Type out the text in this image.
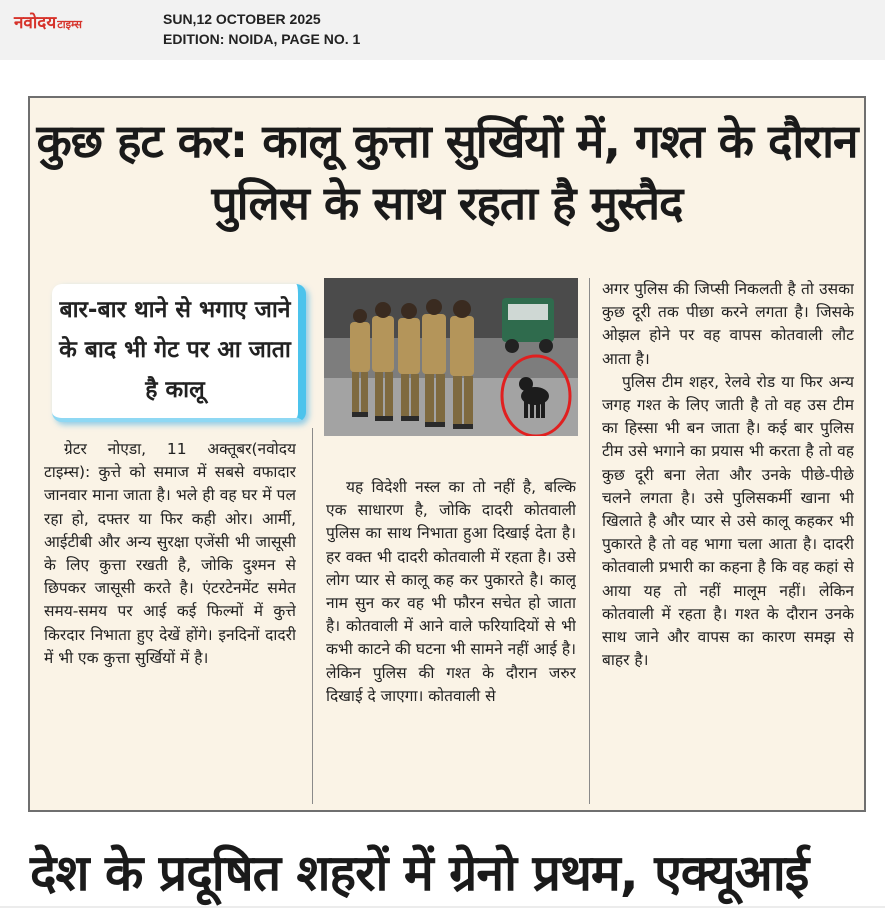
नवोदयटाइम्स	SUN,12 OCTOBER 2025
EDITION: NOIDA, PAGE NO. 1
कुछ हट कर: कालू कुत्ता सुर्खियों में, गश्त के दौरान पुलिस के साथ रहता है मुस्तैद
बार-बार थाने से भगाए जाने के बाद भी गेट पर आ जाता है कालू

ग्रेटर नोएडा, 11 अक्तूबर(नवोदय टाइम्स): कुत्ते को समाज में सबसे वफादार जानवार माना जाता है। भले ही वह घर में पल रहा हो, दफ्तर या फिर कही ओर। आर्मी, आईटीबी और अन्य सुरक्षा एजेंसी भी जासूसी के लिए कुत्ता रखती है, जोकि दुश्मन से छिपकर जासूसी करते है। एंटरटेनमेंट समेत समय-समय पर आई कई फिल्मों में कुत्ते किरदार निभाता हुए देखें होंगे। इनदिनों दादरी में भी एक कुत्ता सुर्खियों में है।

यह विदेशी नस्ल का तो नहीं है, बल्कि एक साधारण है, जोकि दादरी कोतवाली पुलिस का साथ निभाता हुआ दिखाई देता है। हर वक्त भी दादरी कोतवाली में रहता है। उसे लोग प्यार से कालू कह कर पुकारते है। कालू नाम सुन कर वह भी फौरन सचेत हो जाता है। कोतवाली में आने वाले फरियादियों से भी कभी काटने की घटना भी सामने नहीं आई है। लेकिन पुलिस की गश्त के दौरान जरुर दिखाई दे जाएगा। कोतवाली से

अगर पुलिस की जिप्सी निकलती है तो उसका कुछ दूरी तक पीछा करने लगता है। जिसके ओझल होने पर वह वापस कोतवाली लौट आता है।

पुलिस टीम शहर, रेलवे रोड या फिर अन्य जगह गश्त के लिए जाती है तो वह उस टीम का हिस्सा भी बन जाता है। कई बार पुलिस टीम उसे भगाने का प्रयास भी करता है तो वह कुछ दूरी बना लेता और उनके पीछे-पीछे चलने लगता है। उसे पुलिसकर्मी खाना भी खिलाते है और प्यार से उसे कालू कहकर भी पुकारते है तो वह भागा चला आता है। दादरी कोतवाली प्रभारी का कहना है कि वह कहां से आया यह तो नहीं मालूम नहीं। लेकिन कोतवाली में रहता है। गश्त के दौरान उनके साथ जाने और वापस का कारण समझ से बाहर है।

देश के प्रदूषित शहरों में ग्रेनो प्रथम, एक्यूआई
